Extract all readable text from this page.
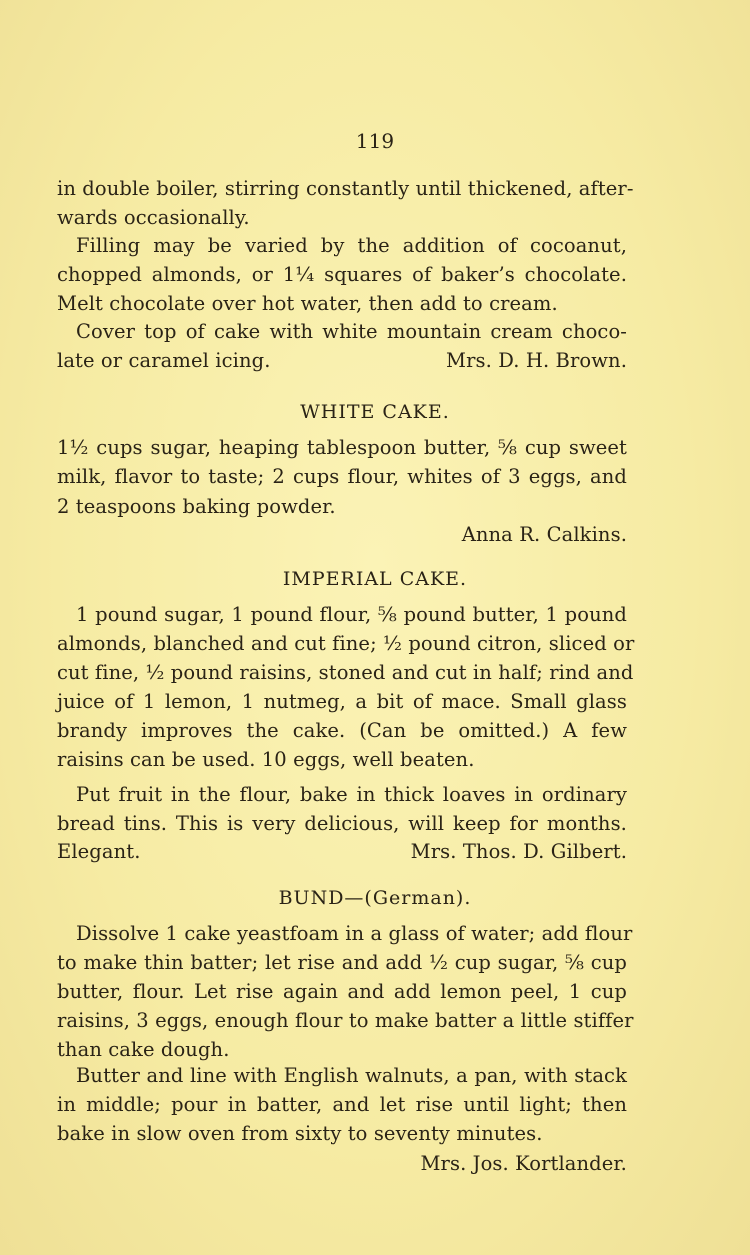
119
in double boiler, stirring constantly until thickened, after-
wards occasionally.
Filling may be varied by the addition of cocoanut,
chopped almonds, or 1¼ squares of baker’s chocolate.
Melt chocolate over hot water, then add to cream.
Cover top of cake with white mountain cream choco-
late or caramel icing.	Mrs. D. H. Brown.
WHITE CAKE.
1½ cups sugar, heaping tablespoon butter, ⅝ cup sweet
milk, flavor to taste; 2 cups flour, whites of 3 eggs, and
2 teaspoons baking powder.
Anna R. Calkins.
IMPERIAL CAKE.
1 pound sugar, 1 pound flour, ⅝ pound butter, 1 pound
almonds, blanched and cut fine; ½ pound citron, sliced or
cut fine, ½ pound raisins, stoned and cut in half; rind and
juice of 1 lemon, 1 nutmeg, a bit of mace. Small glass
brandy improves the cake. (Can be omitted.) A few
raisins can be used. 10 eggs, well beaten.
Put fruit in the flour, bake in thick loaves in ordinary
bread tins. This is very delicious, will keep for months.
Elegant.	Mrs. Thos. D. Gilbert.
BUND—(German).
Dissolve 1 cake yeastfoam in a glass of water; add flour
to make thin batter; let rise and add ½ cup sugar, ⅝ cup
butter, flour. Let rise again and add lemon peel, 1 cup
raisins, 3 eggs, enough flour to make batter a little stiffer
than cake dough.
Butter and line with English walnuts, a pan, with stack
in middle; pour in batter, and let rise until light; then
bake in slow oven from sixty to seventy minutes.
Mrs. Jos. Kortlander.
